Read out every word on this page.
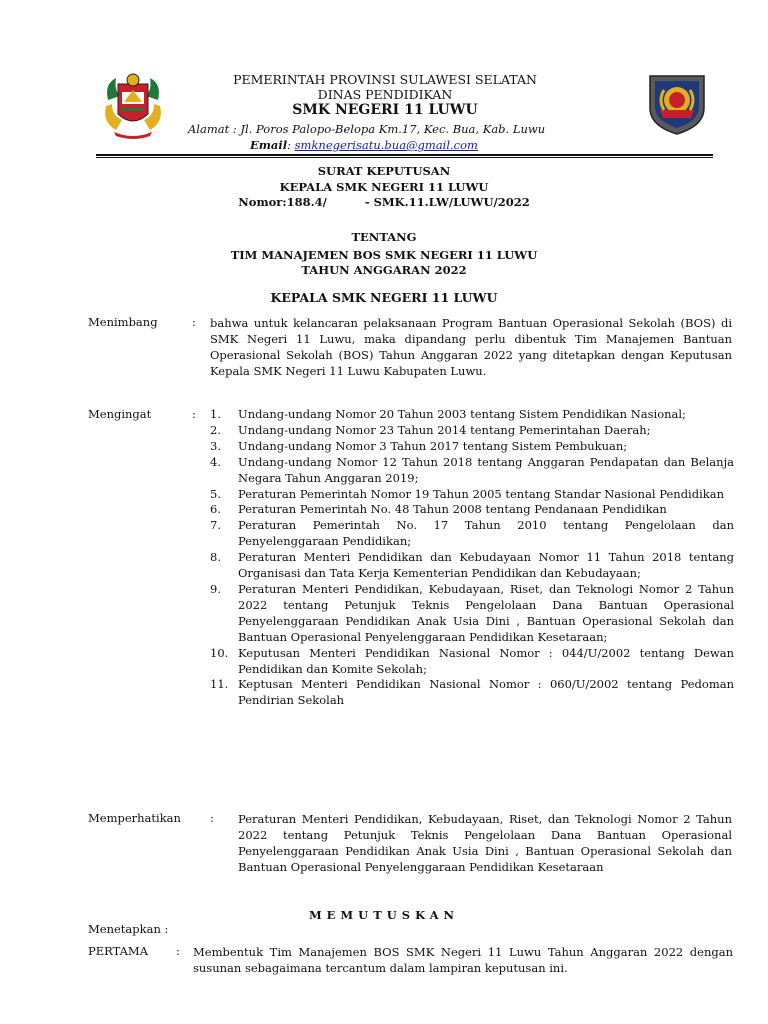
PEMERINTAH PROVINSI SULAWESI SELATAN
DINAS PENDIDIKAN
SMK NEGERI 11 LUWU
Alamat : Jl. Poros Palopo-Belopa Km.17, Kec. Bua, Kab. Luwu
Email: smknegerisatu.bua@gmail.com
SURAT KEPUTUSAN
KEPALA SMK NEGERI 11 LUWU
Nomor:188.4/	- SMK.11.LW/LUWU/2022
TENTANG
TIM MANAJEMEN BOS SMK NEGERI 11 LUWU
TAHUN ANGGARAN 2022
KEPALA SMK NEGERI 11 LUWU
Menimbang	: bahwa untuk kelancaran pelaksanaan Program Bantuan Operasional Sekolah (BOS) di SMK Negeri 11 Luwu, maka dipandang perlu dibentuk Tim Manajemen Bantuan Operasional Sekolah (BOS) Tahun Anggaran 2022 yang ditetapkan dengan Keputusan Kepala SMK Negeri 11 Luwu Kabupaten Luwu.
Mengingat	: 1. Undang-undang Nomor 20 Tahun 2003 tentang Sistem Pendidikan Nasional;
2. Undang-undang Nomor 23 Tahun 2014 tentang Pemerintahan Daerah;
3. Undang-undang Nomor 3 Tahun 2017 tentang Sistem Pembukuan;
4. Undang-undang Nomor 12 Tahun 2018 tentang Anggaran Pendapatan dan Belanja Negara Tahun Anggaran 2019;
5. Peraturan Pemerintah Nomor 19 Tahun 2005 tentang Standar Nasional Pendidikan
6. Peraturan Pemerintah No. 48 Tahun 2008 tentang Pendanaan Pendidikan
7. Peraturan Pemerintah No. 17 Tahun 2010 tentang Pengelolaan dan Penyelenggaraan Pendidikan;
8. Peraturan Menteri Pendidikan dan Kebudayaan Nomor 11 Tahun 2018 tentang Organisasi dan Tata Kerja Kementerian Pendidikan dan Kebudayaan;
9. Peraturan Menteri Pendidikan, Kebudayaan, Riset, dan Teknologi Nomor 2 Tahun 2022 tentang Petunjuk Teknis Pengelolaan Dana Bantuan Operasional Penyelenggaraan Pendidikan Anak Usia Dini , Bantuan Operasional Sekolah dan Bantuan Operasional Penyelenggaraan Pendidikan Kesetaraan;
10. Keputusan Menteri Pendidikan Nasional Nomor : 044/U/2002 tentang Dewan Pendidikan dan Komite Sekolah;
11. Keptusan Menteri Pendidikan Nasional Nomor : 060/U/2002 tentang Pedoman Pendirian Sekolah
Memperhatikan	: Peraturan Menteri Pendidikan, Kebudayaan, Riset, dan Teknologi Nomor 2 Tahun 2022 tentang Petunjuk Teknis Pengelolaan Dana Bantuan Operasional Penyelenggaraan Pendidikan Anak Usia Dini , Bantuan Operasional Sekolah dan Bantuan Operasional Penyelenggaraan Pendidikan Kesetaraan
MEMUTUSKAN
Menetapkan :
PERTAMA : Membentuk Tim Manajemen BOS SMK Negeri 11 Luwu Tahun Anggaran 2022 dengan susunan sebagaimana tercantum dalam lampiran keputusan ini.
